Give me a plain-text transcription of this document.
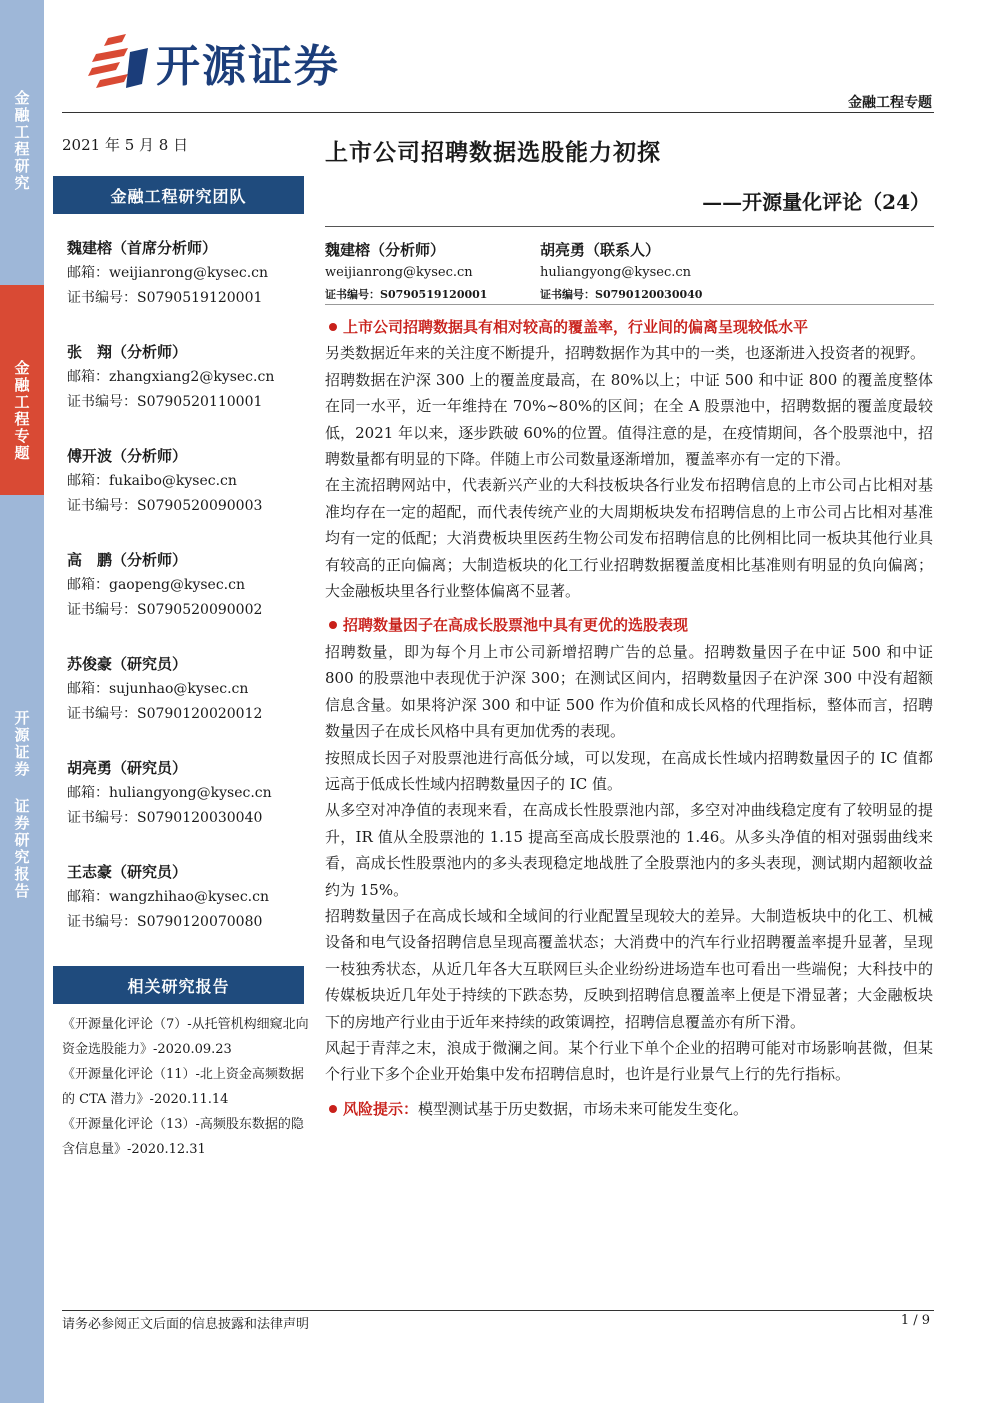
金融工程研究
金融工程专题
开源证券 证券研究报告
开源证券
金融工程专题
2021 年 5 月 8 日
金融工程研究团队
魏建榕（首席分析师）
邮箱：weijianrong@kysec.cn
证书编号：S0790519120001
张　翔（分析师）
邮箱：zhangxiang2@kysec.cn
证书编号：S0790520110001
傅开波（分析师）
邮箱：fukaibo@kysec.cn
证书编号：S0790520090003
高　鹏（分析师）
邮箱：gaopeng@kysec.cn
证书编号：S0790520090002
苏俊豪（研究员）
邮箱：sujunhao@kysec.cn
证书编号：S0790120020012
胡亮勇（研究员）
邮箱：huliangyong@kysec.cn
证书编号：S0790120030040
王志豪（研究员）
邮箱：wangzhihao@kysec.cn
证书编号：S0790120070080
相关研究报告
《开源量化评论（7）-从托管机构细窥北向资金选股能力》-2020.09.23
《开源量化评论（11）-北上资金高频数据的 CTA 潜力》-2020.11.14
《开源量化评论（13）-高频股东数据的隐含信息量》-2020.12.31
上市公司招聘数据选股能力初探
——开源量化评论（24）
魏建榕（分析师）
weijianrong@kysec.cn
证书编号：S0790519120001
胡亮勇（联系人）
huliangyong@kysec.cn
证书编号：S0790120030040
上市公司招聘数据具有相对较高的覆盖率，行业间的偏离呈现较低水平

另类数据近年来的关注度不断提升，招聘数据作为其中的一类，也逐渐进入投资者的视野。

招聘数据在沪深 300 上的覆盖度最高，在 80%以上；中证 500 和中证 800 的覆盖度整体在同一水平，近一年维持在 70%~80%的区间；在全 A 股票池中，招聘数据的覆盖度最较低，2021 年以来，逐步跌破 60%的位置。值得注意的是，在疫情期间，各个股票池中，招聘数量都有明显的下降。伴随上市公司数量逐渐增加，覆盖率亦有一定的下滑。

在主流招聘网站中，代表新兴产业的大科技板块各行业发布招聘信息的上市公司占比相对基准均存在一定的超配，而代表传统产业的大周期板块发布招聘信息的上市公司占比相对基准均有一定的低配；大消费板块里医药生物公司发布招聘信息的比例相比同一板块其他行业具有较高的正向偏离；大制造板块的化工行业招聘数据覆盖度相比基准则有明显的负向偏离；大金融板块里各行业整体偏离不显著。

招聘数量因子在高成长股票池中具有更优的选股表现

招聘数量，即为每个月上市公司新增招聘广告的总量。招聘数量因子在中证 500 和中证 800 的股票池中表现优于沪深 300；在测试区间内，招聘数量因子在沪深 300 中没有超额信息含量。如果将沪深 300 和中证 500 作为价值和成长风格的代理指标，整体而言，招聘数量因子在成长风格中具有更加优秀的表现。

按照成长因子对股票池进行高低分域，可以发现，在高成长性域内招聘数量因子的 IC 值都远高于低成长性域内招聘数量因子的 IC 值。

从多空对冲净值的表现来看，在高成长性股票池内部，多空对冲曲线稳定度有了较明显的提升，IR 值从全股票池的 1.15 提高至高成长股票池的 1.46。从多头净值的相对强弱曲线来看，高成长性股票池内的多头表现稳定地战胜了全股票池内的多头表现，测试期内超额收益约为 15%。

招聘数量因子在高成长域和全域间的行业配置呈现较大的差异。大制造板块中的化工、机械设备和电气设备招聘信息呈现高覆盖状态；大消费中的汽车行业招聘覆盖率提升显著，呈现一枝独秀状态，从近几年各大互联网巨头企业纷纷进场造车也可看出一些端倪；大科技中的传媒板块近几年处于持续的下跌态势，反映到招聘信息覆盖率上便是下滑显著；大金融板块下的房地产行业由于近年来持续的政策调控，招聘信息覆盖亦有所下滑。

风起于青萍之末，浪成于微澜之间。某个行业下单个企业的招聘可能对市场影响甚微，但某个行业下多个企业开始集中发布招聘信息时，也许是行业景气上行的先行指标。

风险提示：模型测试基于历史数据，市场未来可能发生变化。
请务必参阅正文后面的信息披露和法律声明	1 / 9
